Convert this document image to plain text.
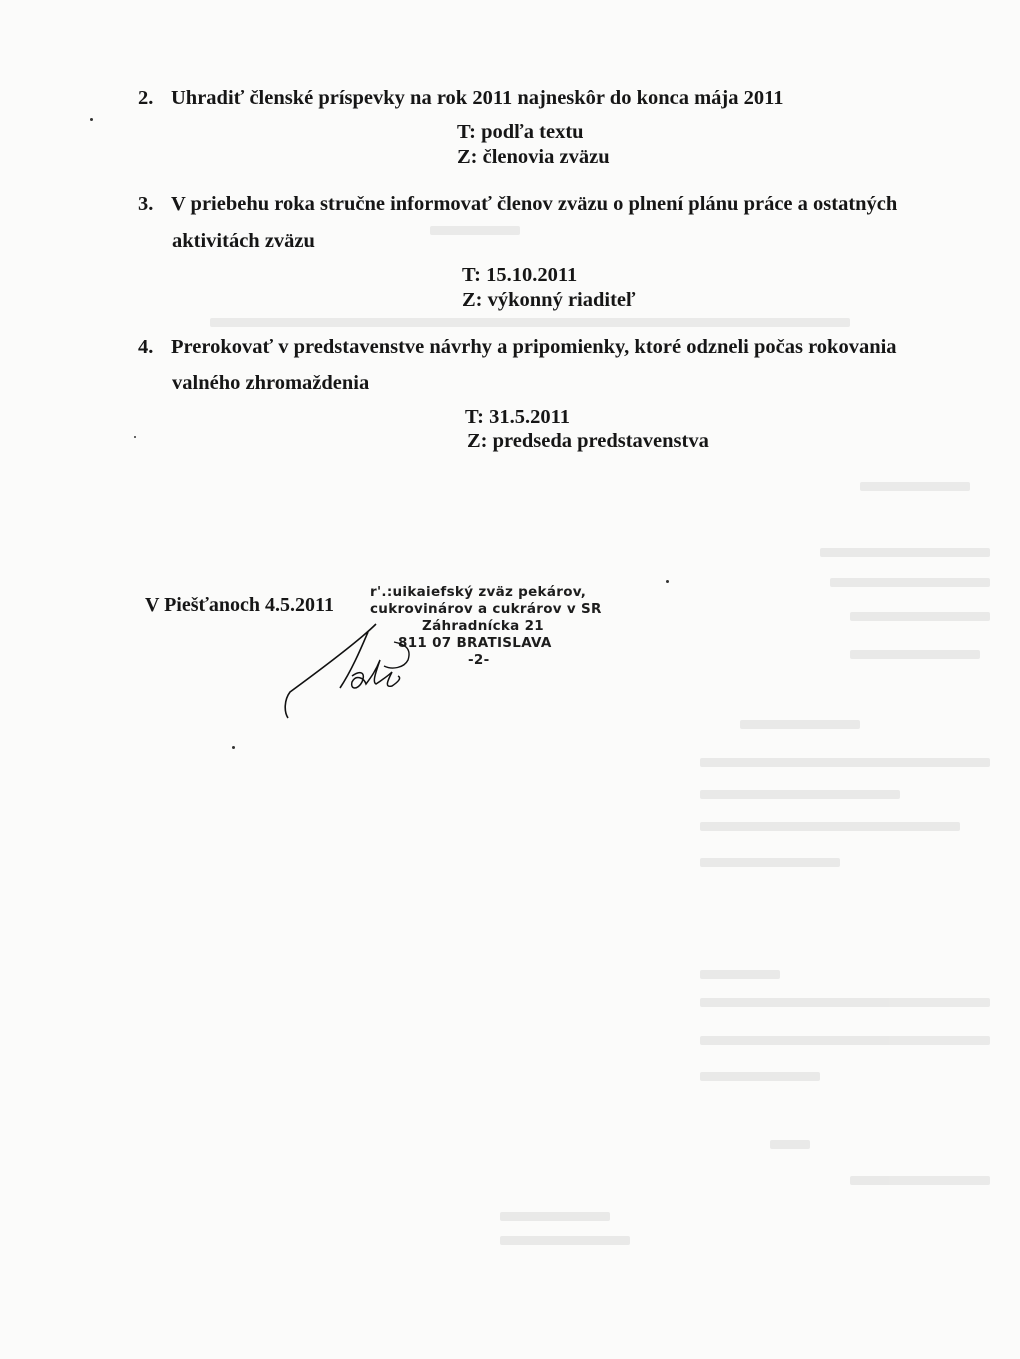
2. Uhradiť členské príspevky na rok 2011 najneskôr do konca mája 2011
T: podľa textu
Z: členovia zväzu
3. V priebehu roka stručne informovať členov zväzu o plnení plánu práce a ostatných
aktivitách zväzu
T: 15.10.2011
Z: výkonný riaditeľ
4. Prerokovať v predstavenstve návrhy a pripomienky, ktoré odzneli počas rokovania
valného zhromaždenia
T: 31.5.2011
Z: predseda predstavenstva
V Piešťanoch 4.5.2011
r'.:uikaiefský zväz pekárov,
cukrovinárov a cukrárov v SR
Záhradnícka 21
811 07 BRATISLAVA
-2-
